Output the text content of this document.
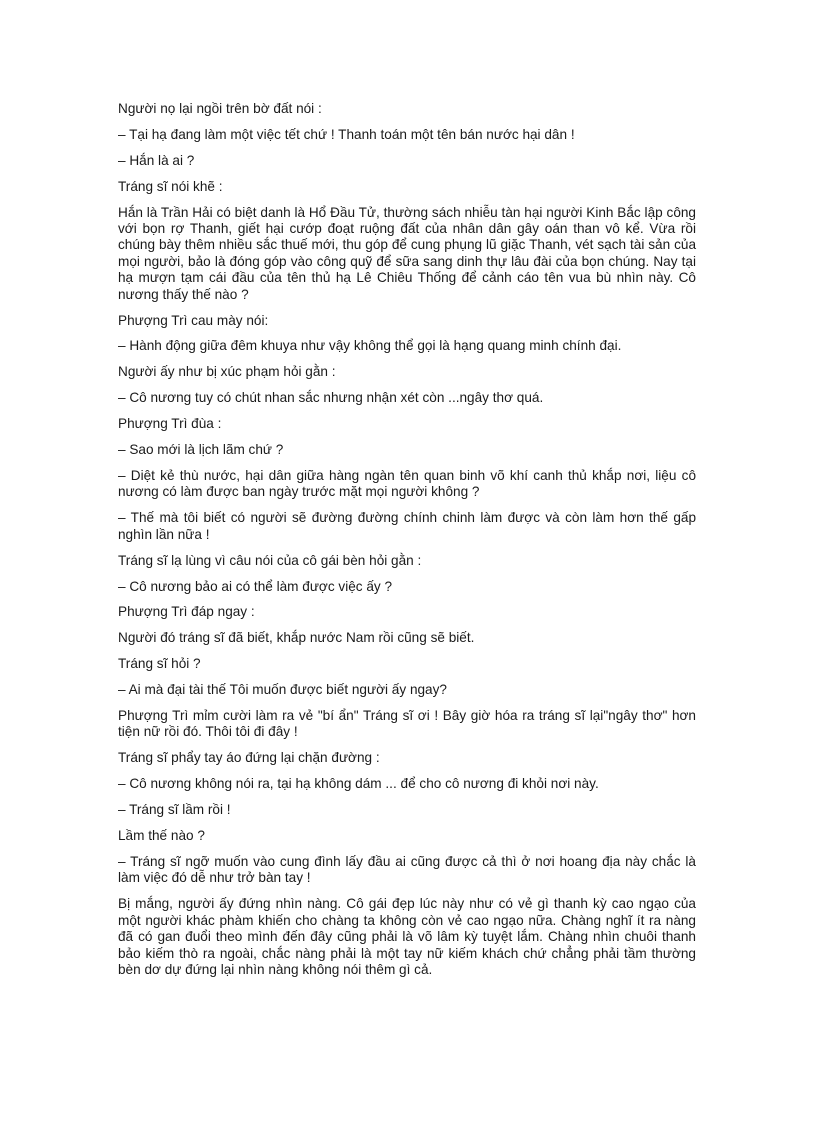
Người nọ lại ngồi trên bờ đất nói :

– Tại hạ đang làm một việc tết chứ ! Thanh toán một tên bán nước hại dân !

– Hắn là ai ?

Tráng sĩ nói khẽ :

Hắn là Trần Hải có biệt danh là Hổ Đầu Tử, thường sách nhiễu tàn hại người Kinh Bắc lập công với bọn rợ Thanh, giết hại cướp đoạt ruộng đất của nhân dân gây oán than vô kể. Vừa rồi chúng bày thêm nhiều sắc thuế mới, thu góp để cung phụng lũ giặc Thanh, vét sạch tài sản của mọi người, bảo là đóng góp vào công quỹ để sữa sang dinh thự lâu đài của bọn chúng. Nay tại hạ mượn tạm cái đầu của tên thủ hạ Lê Chiêu Thống để cảnh cáo tên vua bù nhìn này. Cô nương thấy thế nào ?

Phượng Trì cau mày nói:

– Hành động giữa đêm khuya như vậy không thể gọi là hạng quang minh chính đại.

Người ấy như bị xúc phạm hỏi gằn :

– Cô nương tuy có chút nhan sắc nhưng nhận xét còn ...ngây thơ quá.

Phượng Trì đùa :

– Sao mới là lịch lãm chứ ?

– Diệt kẻ thù nước, hại dân giữa hàng ngàn tên quan binh võ khí canh thủ khắp nơi, liệu cô nương có làm được ban ngày trước mặt mọi người không ?

– Thế mà tôi biết có người sẽ đường đường chính chinh làm được và còn làm hơn thế gấp nghìn lần nữa !

Tráng sĩ lạ lùng vì câu nói của cô gái bèn hỏi gằn :

– Cô nương bảo ai có thể làm được việc ấy ?

Phượng Trì đáp ngay :

Người đó tráng sĩ đã biết, khắp nước Nam rồi cũng sẽ biết.

Tráng sĩ hỏi ?

– Ai mà đại tài thế Tôi muốn được biết người ấy ngay?

Phượng Trì mỉm cười làm ra vẻ "bí ẩn" Tráng sĩ ơi ! Bây giờ hóa ra tráng sĩ lại"ngây thơ" hơn tiện nữ rồi đó. Thôi tôi đi đây !

Tráng sĩ phẩy tay áo đứng lại chặn đường :

– Cô nương không nói ra, tại hạ không dám ... để cho cô nương đi khỏi nơi này.

– Tráng sĩ lầm rồi !

Lầm thế nào ?

– Tráng sĩ ngỡ muốn vào cung đình lấy đầu ai cũng được cả thì ở nơi hoang địa này chắc là làm việc đó dễ như trở bàn tay !

Bị mắng, người ấy đứng nhìn nàng. Cô gái đẹp lúc này như có vẻ gì thanh kỳ cao ngạo của một người khác phàm khiến cho chàng ta không còn vẻ cao ngạo nữa. Chàng nghĩ ít ra nàng đã có gan đuổi theo mình đến đây cũng phải là võ lâm kỳ tuyệt lắm. Chàng nhìn chuôi thanh bảo kiếm thò ra ngoài, chắc nàng phải là một tay nữ kiếm khách chứ chẳng phải tầm thường bèn dơ dự đứng lại nhìn nàng không nói thêm gì cả.
